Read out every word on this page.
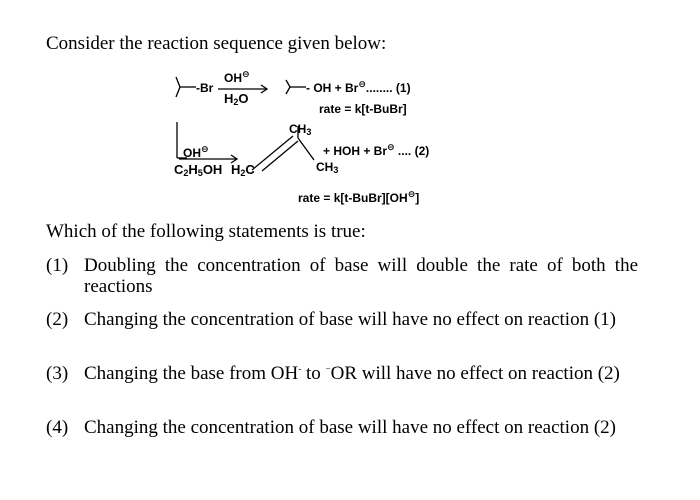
Consider the reaction sequence given below:
-Br
OH⊖
$H_2O$
- OH + Br⊖........ (1)
rate = k[t-BuBr]
$CH_3$
OH⊖	+ HOH + Br⊖ .... (2)
$C_2H_5OH$ $H_2C$	$CH_3$
rate = k[t-BuBr][OH⊖]
Which of the following statements is true:
(1) Doubling the concentration of base will double the rate of both the reactions
(2) Changing the concentration of base will have no effect on reaction (1)
(3) Changing the base from OH- to −OR will have no effect on reaction (2)
(4) Changing the concentration of base will have no effect on reaction (2)
